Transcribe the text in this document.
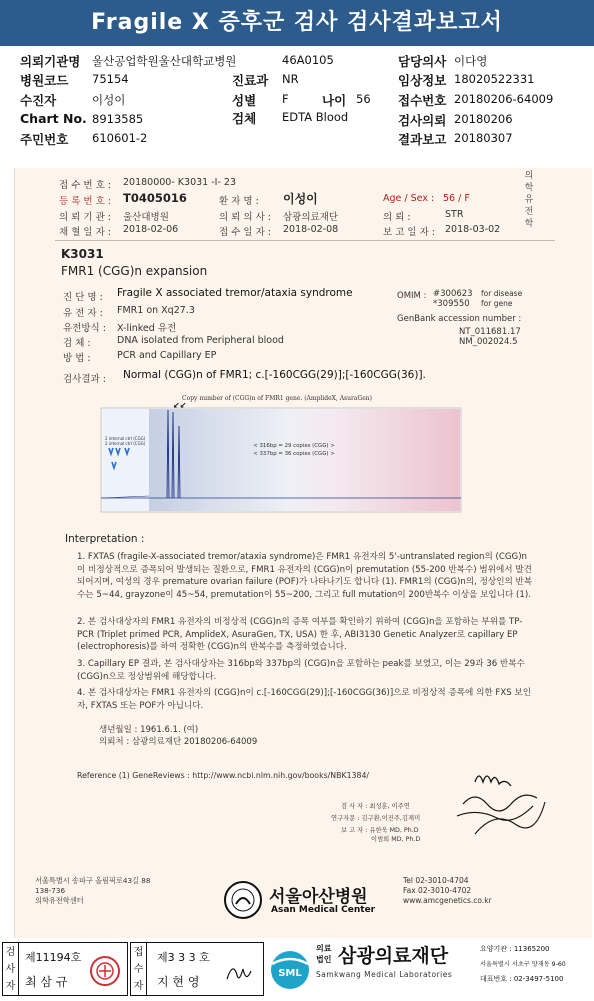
Fragile X 증후군 검사 검사결과보고서
의뢰기관명 울산공업학원울산대학교병원	46A0105	담당의사 이다영
병원코드 75154	진료과 NR	임상정보 18020522331
수진자	이성이	성별 F	나이 56 접수번호 20180206-64009
Chart No. 8913585	검체 EDTA Blood	검사의뢰 20180206
주민번호 610601-2	결과보고 20180307
접 수 번 호 : 20180000- K3031 -I- 23
의학유전학
등 록 번 호 : T0405016	환 자 명 : 이성이	Age / Sex : 56 / F
의 뢰 기 관 : 울산대병원	의 뢰 의 사 : 삼광의료재단	의 뢰 :	STR
채 혈 일 자 : 2018-02-06	접 수 일 자 : 2018-02-08	보 고 일 자 : 2018-03-02
K3031
FMR1 (CGG)n expansion
진 단 명 : Fragile X associated tremor/ataxia syndrome
유 전 자 : FMR1 on Xq27.3
유전방식 : X-linked 유전
검 체 :	DNA isolated from Peripheral blood
방 법 :	PCR and Capillary EP
OMIM : #300623 for disease
*309550 for gene
GenBank accession number :
NT_011681.17
NM_002024.5
검사결과 : Normal (CGG)n of FMR1; c.[-160CGG(29)];[-160CGG(36)].
Copy number of (CGG)n of FMR1 gene. (AmplideX, AsuraGen)
↙↙
2 internal ctrl (CGG)
2 internal ctrl (CGG)	< 316bp = 29 copies (CGG) >
< 337bp = 36 copies (CGG) >
Interpretation :
1. FXTAS (fragile-X-associated tremor/ataxia syndrome)은 FMR1 유전자의 5'-untranslated region의 (CGG)n 이 비정상적으로 증폭되어 발생되는 질환으로, FMR1 유전자의 (CGG)n이 premutation (55-200 반복수) 범위에서 발견되어지며, 여성의 경우 premature ovarian failure (POF)가 나타나기도 합니다 (1). FMR1의 (CGG)n의, 정상인의 반복수는 5~44, grayzone이 45~54, premutation이 55~200, 그리고 full mutation이 200반복수 이상을 보입니다 (1).
2. 본 검사대상자의 FMR1 유전자의 비정상적 (CGG)n의 증폭 여부를 확인하기 위하여 (CGG)n을 포함하는 부위를 TP-PCR (Triplet primed PCR, AmplideX, AsuraGen, TX, USA) 한 후, ABI3130 Genetic Analyzer로 capillary EP (electrophoresis)를 하여 정확한 (CGG)n의 반복수를 측정하였습니다.
3. Capillary EP 결과, 본 검사대상자는 316bp와 337bp의 (CGG)n을 포함하는 peak를 보였고, 이는 29과 36 반복수 (CGG)n으로 정상범위에 해당합니다.
4. 본 검사대상자는 FMR1 유전자의 (CGG)n이 c.[-160CGG(29)];[-160CGG(36)]으로 비정상적 증폭에 의한 FXS 보인자, FXTAS 또는 POF가 아닙니다.
생년월일 : 1961.6.1. (여)
의뢰처 : 삼광의료재단 20180206-64009
Reference (1) GeneReviews : http://www.ncbi.nlm.nih.gov/books/NBK1384/
검 사 자 : 최성훈, 이주연
연구자문 : 김구환,이진주,김재미
보 고 자 : 유한욱 MD, Ph.D
이범희 MD, Ph.D
서울특별시 송파구 올림픽로43길 88
138-736
의학유전학센터	서울아산병원
Asan Medical Center
Tel 02-3010-4704
Fax 02-3010-4702
www.amcgenetics.co.kr
검사자
제11194호
최 삼 규
접수자
제3 3 3 호
지 현 영
SML
의료
법인 삼광의료재단
Samkwang Medical Laboratories
요양기관 : 11365200
서울특별시 서초구 양재동 9-60
대표번호 : 02-3497-5100
